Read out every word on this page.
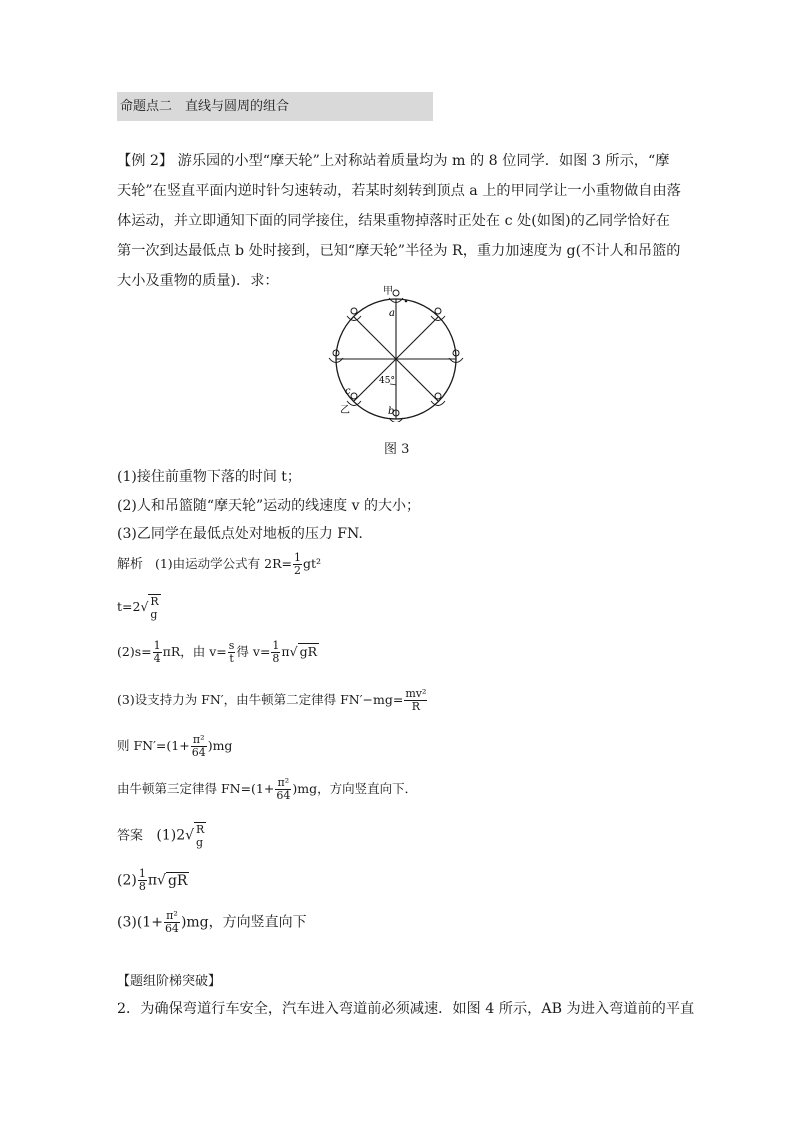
命题点二　 直线与圆周的组合
【例 2】 游乐园的小型“摩天轮”上对称站着质量均为 m 的 8 位同学．如图 3 所示，“摩天轮”在竖直平面内逆时针匀速转动，若某时刻转到顶点 a 上的甲同学让一小重物做自由落体运动，并立即通知下面的同学接住，结果重物掉落时正处在 c 处(如图)的乙同学恰好在第一次到达最低点 b 处时接到，已知“摩天轮”半径为 R，重力加速度为 g(不计人和吊篮的大小及重物的质量)．求：
甲
a
乙
c
b
45°
图 3
(1)接住前重物下落的时间 t；
(2)人和吊篮随“摩天轮”运动的线速度 v 的大小；
(3)乙同学在最低点处对地板的压力 FN.
解析 (1)由运动学公式有 $2R= \frac{1}{2} gt^2$
t=2√ R
g
$(2)s= \frac{1}{4}$ πR，由 $v= \frac{s}{t}$ 得 $v= \frac{1}{8} \pi√$ gR
(3)设支持力为 FN′，由牛顿第二定律得 $FN'-mg= \frac{\text{mv²}}{R}$
则 $FN'=(1+ \frac{\text{π²}}{64} )mg$
由牛顿第三定律得 $FN=(1+ \frac{\text{π²}}{64} )mg$，方向竖直向下．
答案 (1)2√ R
g
$(2) \frac{1}{8} \pi√$ gR
$(3)(1+ \frac{\text{π²}}{64} )mg$，方向竖直向下
【题组阶梯突破】
2．为确保弯道行车安全，汽车进入弯道前必须减速．如图 4 所示，AB 为进入弯道前的平直
